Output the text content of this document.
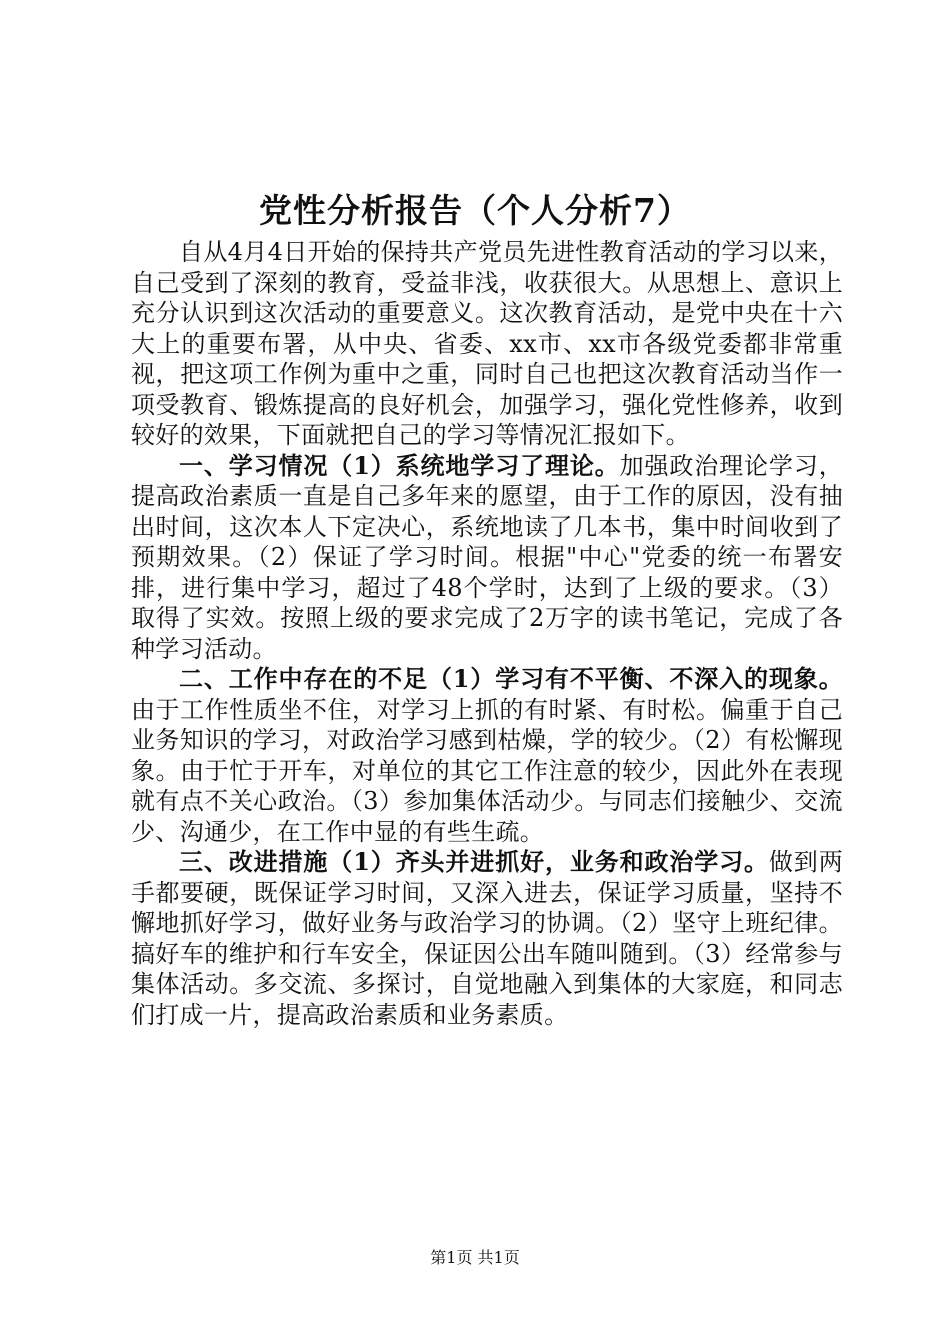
党性分析报告（个人分析7）

自从4月4日开始的保持共产党员先进性教育活动的学习以来，自己受到了深刻的教育，受益非浅，收获很大。从思想上、意识上充分认识到这次活动的重要意义。这次教育活动，是党中央在十六大上的重要布署，从中央、省委、xx市、xx市各级党委都非常重视，把这项工作例为重中之重，同时自己也把这次教育活动当作一项受教育、锻炼提高的良好机会，加强学习，强化党性修养，收到较好的效果，下面就把自己的学习等情况汇报如下。

一、学习情况（1）系统地学习了理论。加强政治理论学习，提高政治素质一直是自己多年来的愿望，由于工作的原因，没有抽出时间，这次本人下定决心，系统地读了几本书，集中时间收到了预期效果。（2）保证了学习时间。根据"中心"党委的统一布署安排，进行集中学习，超过了48个学时，达到了上级的要求。（3）取得了实效。按照上级的要求完成了2万字的读书笔记，完成了各种学习活动。

二、工作中存在的不足（1）学习有不平衡、不深入的现象。由于工作性质坐不住，对学习上抓的有时紧、有时松。偏重于自己业务知识的学习，对政治学习感到枯燥，学的较少。（2）有松懈现象。由于忙于开车，对单位的其它工作注意的较少，因此外在表现就有点不关心政治。（3）参加集体活动少。与同志们接触少、交流少、沟通少，在工作中显的有些生疏。

三、改进措施（1）齐头并进抓好，业务和政治学习。做到两手都要硬，既保证学习时间，又深入进去，保证学习质量，坚持不懈地抓好学习，做好业务与政治学习的协调。（2）坚守上班纪律。搞好车的维护和行车安全，保证因公出车随叫随到。（3）经常参与集体活动。多交流、多探讨，自觉地融入到集体的大家庭，和同志们打成一片，提高政治素质和业务素质。

第1页 共1页
